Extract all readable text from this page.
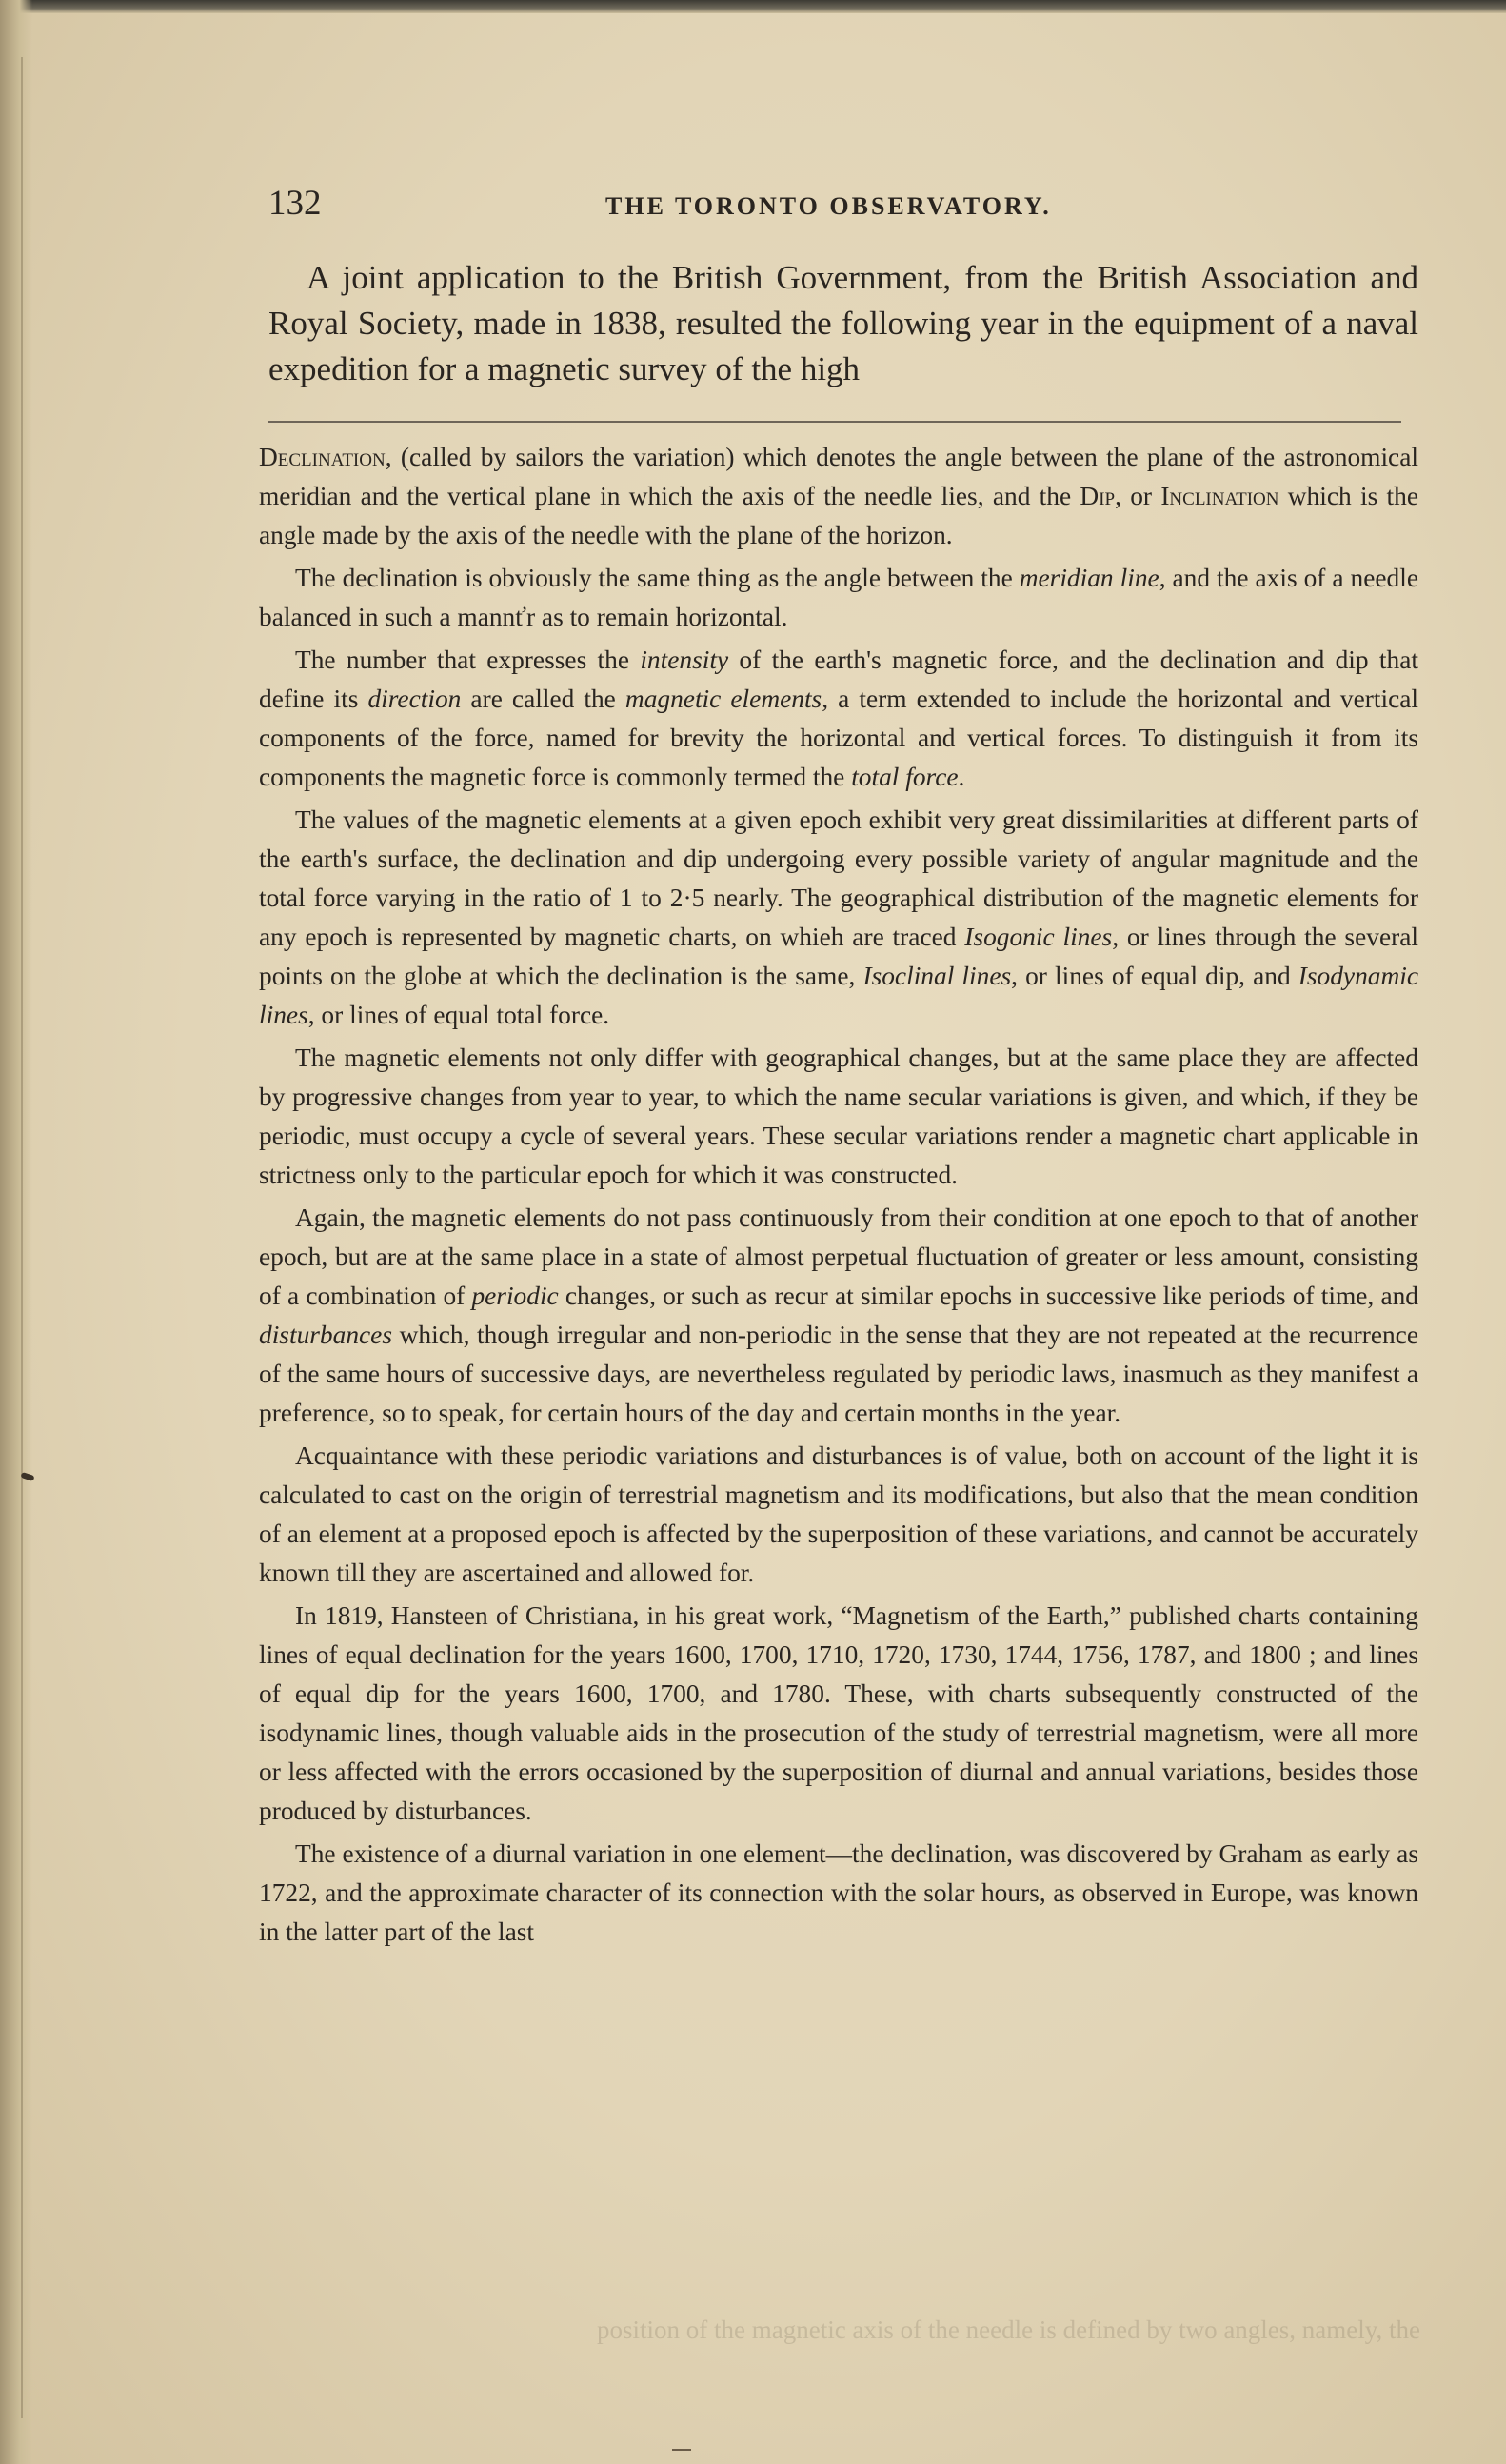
132	THE TORONTO OBSERVATORY.
A joint application to the British Government, from the British Association and Royal Society, made in 1838, resulted the following year in the equipment of a naval expedition for a magnetic survey of the high

Declination, (called by sailors the variation) which denotes the angle between the plane of the astronomical meridian and the vertical plane in which the axis of the needle lies, and the Dip, or Inclination which is the angle made by the axis of the needle with the plane of the horizon.

The declination is obviously the same thing as the angle between the meridian line, and the axis of a needle balanced in such a mannťr as to remain horizontal.

The number that expresses the intensity of the earth's magnetic force, and the declination and dip that define its direction are called the magnetic elements, a term extended to include the horizontal and vertical components of the force, named for brevity the horizontal and vertical forces. To distinguish it from its components the magnetic force is commonly termed the total force.

The values of the magnetic elements at a given epoch exhibit very great dissimilarities at different parts of the earth's surface, the declination and dip undergoing every possible variety of angular magnitude and the total force varying in the ratio of 1 to 2·5 nearly. The geographical distribution of the magnetic elements for any epoch is represented by magnetic charts, on whieh are traced Isogonic lines, or lines through the several points on the globe at which the declination is the same, Isoclinal lines, or lines of equal dip, and Isodynamic lines, or lines of equal total force.

The magnetic elements not only differ with geographical changes, but at the same place they are affected by progressive changes from year to year, to which the name secular variations is given, and which, if they be periodic, must occupy a cycle of several years. These secular variations render a magnetic chart applicable in strictness only to the particular epoch for which it was constructed.

Again, the magnetic elements do not pass continuously from their condition at one epoch to that of another epoch, but are at the same place in a state of almost perpetual fluctuation of greater or less amount, consisting of a combination of periodic changes, or such as recur at similar epochs in successive like periods of time, and disturbances which, though irregular and non-periodic in the sense that they are not repeated at the recurrence of the same hours of successive days, are nevertheless regulated by periodic laws, inasmuch as they manifest a preference, so to speak, for certain hours of the day and certain months in the year.

Acquaintance with these periodic variations and disturbances is of value, both on account of the light it is calculated to cast on the origin of terrestrial magnetism and its modifications, but also that the mean condition of an element at a proposed epoch is affected by the superposition of these variations, and cannot be accurately known till they are ascertained and allowed for.

In 1819, Hansteen of Christiana, in his great work, “Magnetism of the Earth,” published charts containing lines of equal declination for the years 1600, 1700, 1710, 1720, 1730, 1744, 1756, 1787, and 1800 ; and lines of equal dip for the years 1600, 1700, and 1780. These, with charts subsequently constructed of the isodynamic lines, though valuable aids in the prosecution of the study of terrestrial magnetism, were all more or less affected with the errors occasioned by the superposition of diurnal and annual variations, besides those produced by disturbances.

The existence of a diurnal variation in one element—the declination, was discovered by Graham as early as 1722, and the approximate character of its connection with the solar hours, as observed in Europe, was known in the latter part of the last

position of the magnetic axis of the needle is defined by two angles, namely, the
